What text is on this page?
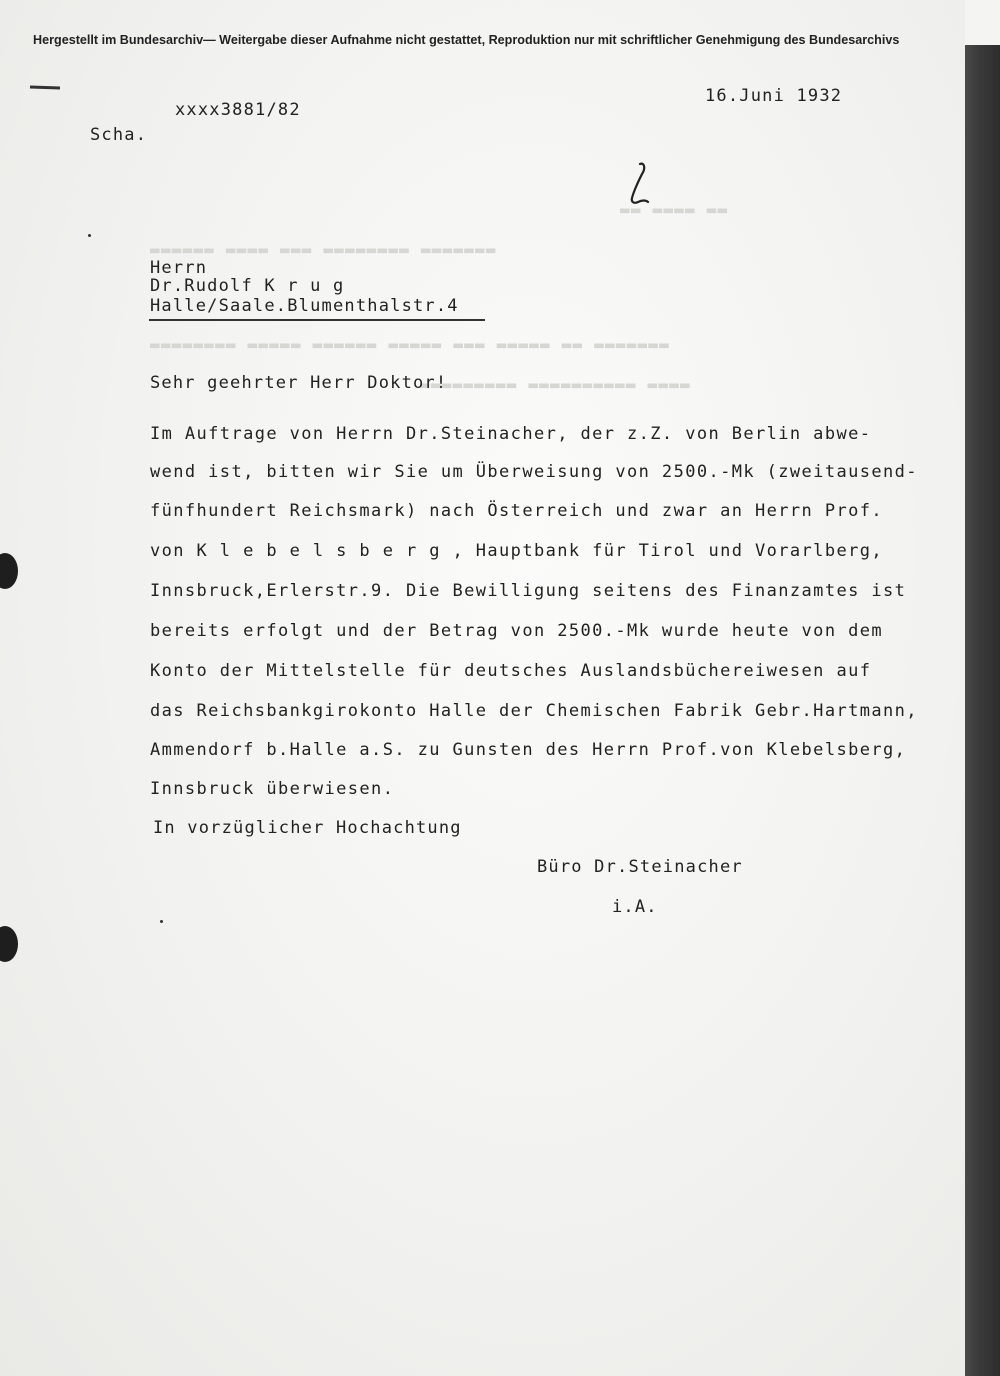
▬▬ ▬▬▬▬ ▬▬
▬▬▬▬▬▬ ▬▬▬▬ ▬▬▬ ▬▬▬▬▬▬▬▬ ▬▬▬▬▬▬▬
▬▬▬▬▬▬▬▬ ▬▬▬▬▬ ▬▬▬▬▬▬ ▬▬▬▬▬ ▬▬▬ ▬▬▬▬▬ ▬▬ ▬▬▬▬▬▬▬
▬▬▬▬▬▬▬▬▬ ▬▬▬▬▬▬▬▬▬▬ ▬▬▬▬
Hergestellt im Bundesarchiv— Weitergabe dieser Aufnahme nicht gestattet, Reproduktion nur mit schriftlicher Genehmigung des Bundesarchivs
xxxx3881/82
16.Juni 1932
Scha.
Herrn
Dr.Rudolf K r u g
Halle/Saale.Blumenthalstr.4
Sehr geehrter Herr Doktor!
Im Auftrage von Herrn Dr.Steinacher, der z.Z. von Berlin abwe-
wend ist, bitten wir Sie um Überweisung von 2500.-Mk (zweitausend-
fünfhundert Reichsmark) nach Österreich und zwar an Herrn Prof.
von K l e b e l s b e r g , Hauptbank für Tirol und Vorarlberg,
Innsbruck,Erlerstr.9. Die Bewilligung seitens des Finanzamtes ist
bereits erfolgt und der Betrag von 2500.-Mk wurde heute von dem
Konto der Mittelstelle für deutsches Auslandsbüchereiwesen auf
das Reichsbankgirokonto Halle der Chemischen Fabrik Gebr.Hartmann,
Ammendorf b.Halle a.S. zu Gunsten des Herrn Prof.von Klebelsberg,
Innsbruck überwiesen.
In vorzüglicher Hochachtung
Büro Dr.Steinacher
i.A.
